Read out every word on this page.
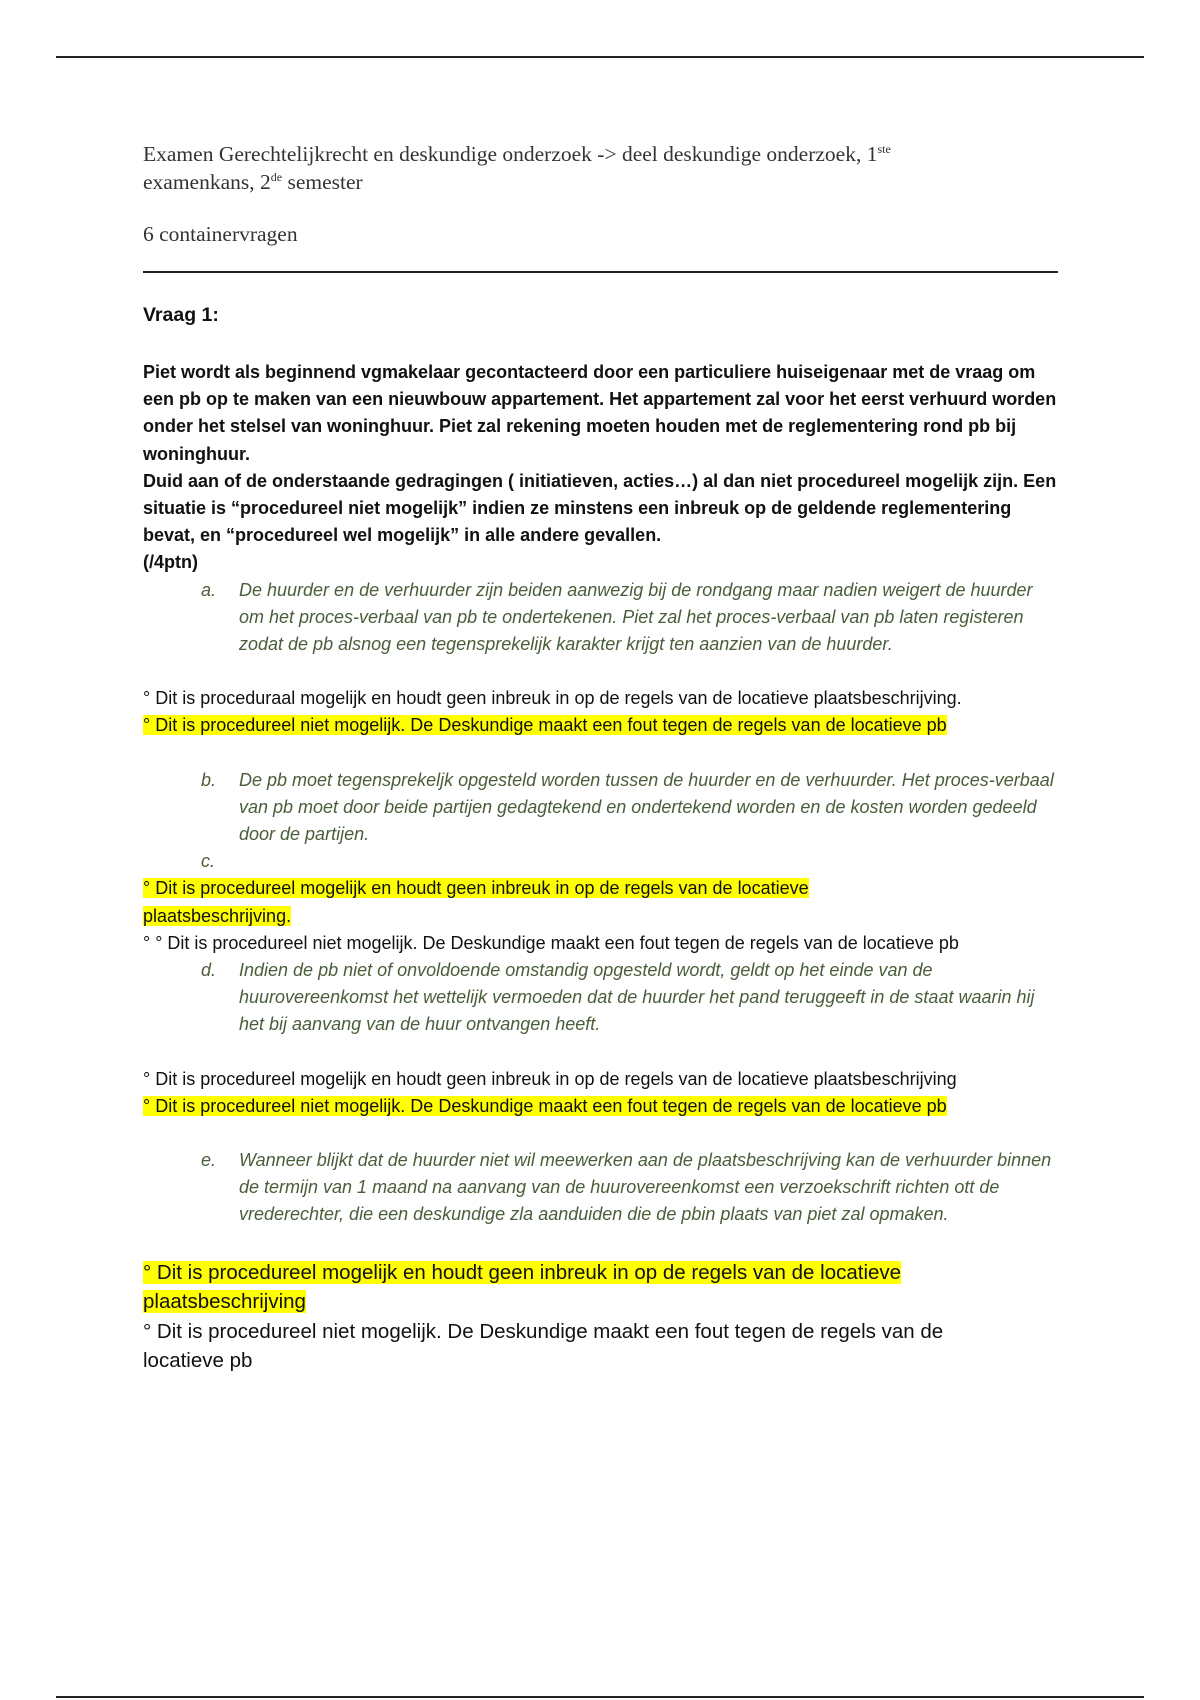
Examen Gerechtelijkrecht en deskundige onderzoek -> deel deskundige onderzoek, 1ste
examenkans, 2de semester
6 containervragen
Vraag 1:
Piet wordt als beginnend vgmakelaar gecontacteerd door een particuliere huiseigenaar met de vraag om een pb op te maken van een nieuwbouw appartement. Het appartement zal voor het eerst verhuurd worden onder het stelsel van woninghuur. Piet zal rekening moeten houden met de reglementering rond pb bij woninghuur.
Duid aan of de onderstaande gedragingen ( initiatieven, acties…) al dan niet procedureel mogelijk zijn. Een situatie is “procedureel niet mogelijk” indien ze minstens een inbreuk op de geldende reglementering bevat, en “procedureel wel mogelijk” in alle andere gevallen.
(/4ptn)
a.	De huurder en de verhuurder zijn beiden aanwezig bij de rondgang maar nadien weigert de huurder om het proces-verbaal van pb te ondertekenen. Piet zal het proces-verbaal van pb laten registeren zodat de pb alsnog een tegensprekelijk karakter krijgt ten aanzien van de huurder.
° Dit is proceduraal mogelijk en houdt geen inbreuk in op de regels van de locatieve plaatsbeschrijving.
° Dit is procedureel niet mogelijk. De Deskundige maakt een fout tegen de regels van de locatieve pb
b.	De pb moet tegensprekeljk opgesteld worden tussen de huurder en de verhuurder. Het proces-verbaal van pb moet door beide partijen gedagtekend en ondertekend worden en de kosten worden gedeeld door de partijen.
c.
° Dit is procedureel mogelijk en houdt geen inbreuk in op de regels van de locatieve plaatsbeschrijving.
° ° Dit is procedureel niet mogelijk. De Deskundige maakt een fout tegen de regels van de locatieve pb
d.	Indien de pb niet of onvoldoende omstandig opgesteld wordt, geldt op het einde van de huurovereenkomst het wettelijk vermoeden dat de huurder het pand teruggeeft in de staat waarin hij het bij aanvang van de huur ontvangen heeft.
° Dit is procedureel mogelijk en houdt geen inbreuk in op de regels van de locatieve plaatsbeschrijving
° Dit is procedureel niet mogelijk. De Deskundige maakt een fout tegen de regels van de locatieve pb
e.	Wanneer blijkt dat de huurder niet wil meewerken aan de plaatsbeschrijving kan de verhuurder binnen de termijn van 1 maand na aanvang van de huurovereenkomst een verzoekschrift richten ott de vrederechter, die een deskundige zla aanduiden die de pbin plaats van piet zal opmaken.
° Dit is procedureel mogelijk en houdt geen inbreuk in op de regels van de locatieve plaatsbeschrijving
° Dit is procedureel niet mogelijk. De Deskundige maakt een fout tegen de regels van de locatieve pb
